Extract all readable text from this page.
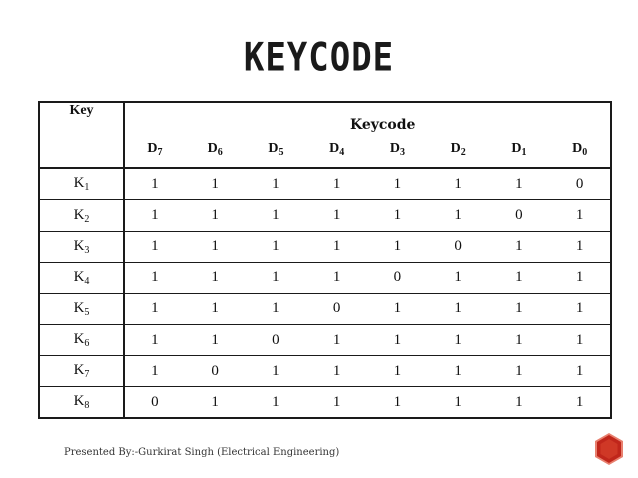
KEYCODE
Keycode
Key	$D_7$	$D_6$	$D_5$	$D_4$	$D_3$	$D_2$	$D_1$	$D_0$

$K_1$	1	1	1	1	1	1	1	0
$K_2$	1	1	1	1	1	1	0	1
$K_3$	1	1	1	1	1	0	1	1
$K_4$	1	1	1	1	0	1	1	1
$K_5$	1	1	1	0	1	1	1	1
$K_6$	1	1	0	1	1	1	1	1
$K_7$	1	0	1	1	1	1	1	1
$K_8$	0	1	1	1	1	1	1	1
Presented By:-Gurkirat Singh (Electrical Engineering)
